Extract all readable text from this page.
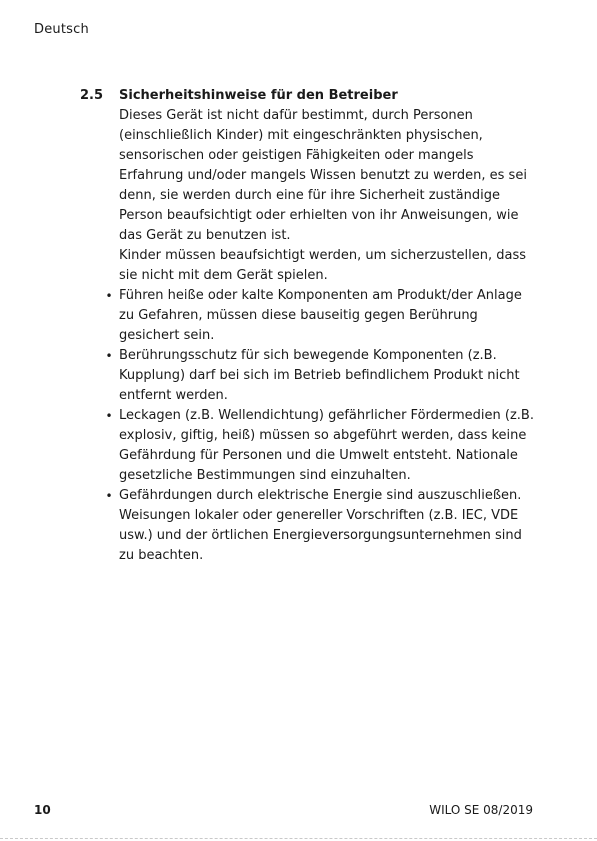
Deutsch
2.5	Sicherheitshinweise für den Betreiber

Dieses Gerät ist nicht dafür bestimmt, durch Personen (einschließlich Kinder) mit eingeschränkten physischen, sensorischen oder geistigen Fähigkeiten oder mangels Erfahrung und/oder mangels Wissen benutzt zu werden, es sei denn, sie werden durch eine für ihre Sicherheit zuständige Person beaufsichtigt oder erhielten von ihr Anweisungen, wie das Gerät zu benutzen ist.

Kinder müssen beaufsichtigt werden, um sicherzustellen, dass sie nicht mit dem Gerät spielen.

• Führen heiße oder kalte Komponenten am Produkt/der Anlage zu Gefahren, müssen diese bauseitig gegen Berührung gesichert sein.
• Berührungsschutz für sich bewegende Komponenten (z.B. Kupplung) darf bei sich im Betrieb befindlichem Produkt nicht entfernt werden.
• Leckagen (z.B. Wellendichtung) gefährlicher Fördermedien (z.B. explosiv, giftig, heiß) müssen so abgeführt werden, dass keine Gefährdung für Personen und die Umwelt entsteht. Nationale gesetzliche Bestimmungen sind einzuhalten.
• Gefährdungen durch elektrische Energie sind auszuschließen. Weisungen lokaler oder genereller Vorschriften (z.B. IEC, VDE usw.) und der örtlichen Energieversorgungsunternehmen sind zu beachten.
10	WILO SE 08/2019
